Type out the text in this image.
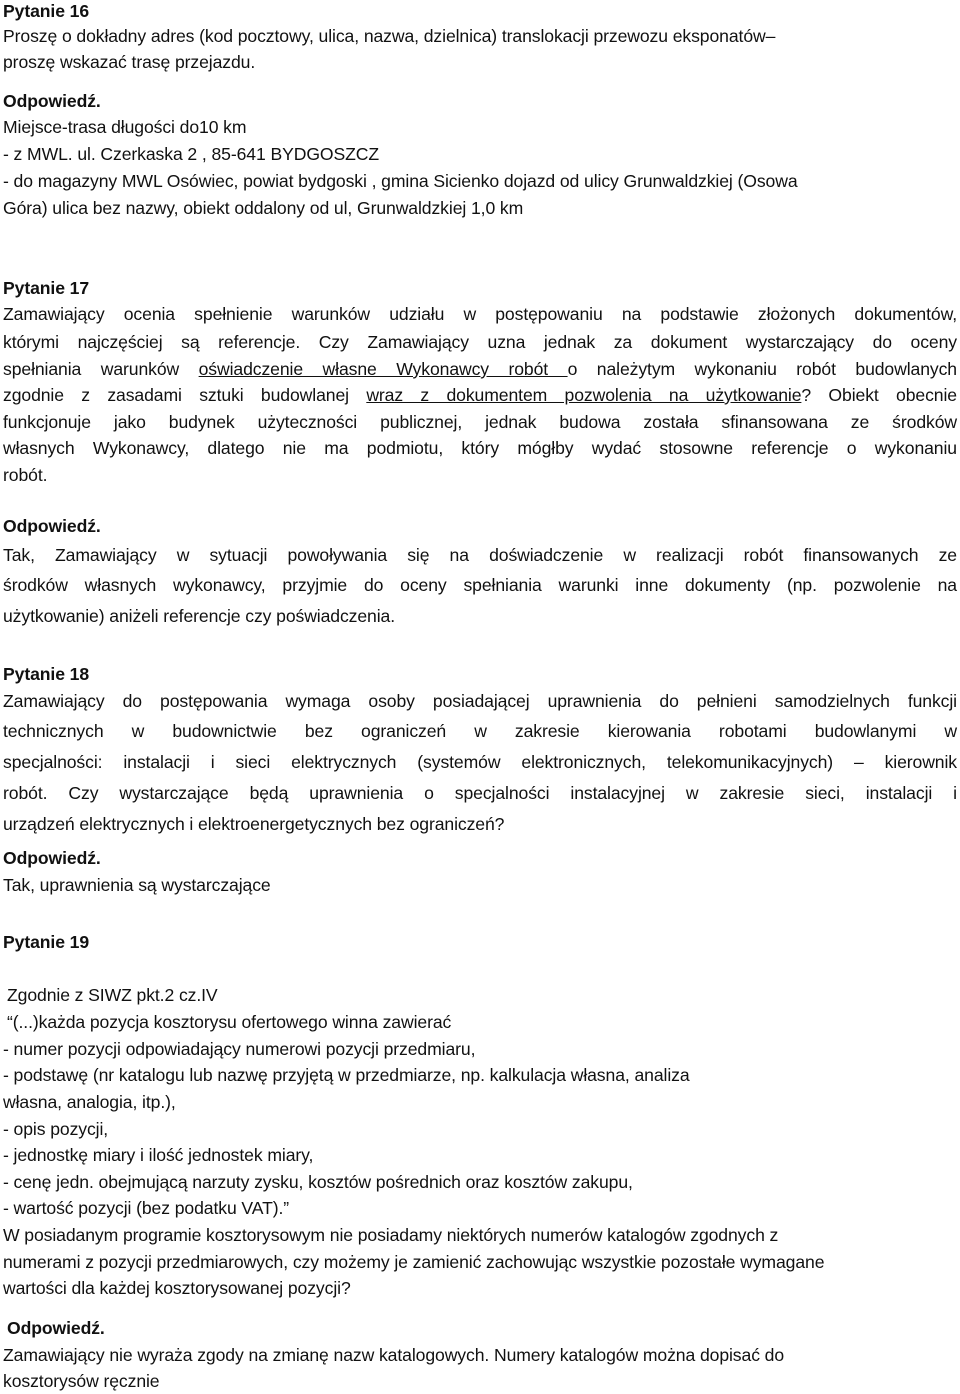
Pytanie 16
Proszę o dokładny adres (kod pocztowy, ulica, nazwa, dzielnica) translokacji przewozu eksponatów–
proszę wskazać trasę przejazdu.
Odpowiedź.
Miejsce-trasa długości do10 km
- z MWL. ul. Czerkaska 2 , 85-641 BYDGOSZCZ
- do magazyny MWL Osówiec, powiat bydgoski , gmina Sicienko dojazd od ulicy Grunwaldzkiej (Osowa
Góra) ulica bez nazwy, obiekt oddalony od ul, Grunwaldzkiej 1,0 km
Pytanie 17
Zamawiający ocenia spełnienie warunków udziału w postępowaniu na podstawie złożonych dokumentów,
którymi najczęściej są referencje. Czy Zamawiający uzna jednak za dokument wystarczający do oceny
spełniania warunków oświadczenie własne Wykonawcy robót o należytym wykonaniu robót budowlanych
zgodnie z zasadami sztuki budowlanej wraz z dokumentem pozwolenia na użytkowanie? Obiekt obecnie
funkcjonuje jako budynek użyteczności publicznej, jednak budowa została sfinansowana ze środków
własnych Wykonawcy, dlatego nie ma podmiotu, który mógłby wydać stosowne referencje o wykonaniu
robót.
Odpowiedź.
Tak, Zamawiający w sytuacji powoływania się na doświadczenie w realizacji robót finansowanych ze
środków własnych wykonawcy, przyjmie do oceny spełniania warunki inne dokumenty (np. pozwolenie na
użytkowanie) aniżeli referencje czy poświadczenia.
Pytanie 18
Zamawiający do postępowania wymaga osoby posiadającej uprawnienia do pełnieni samodzielnych funkcji
technicznych w budownictwie bez ograniczeń w zakresie kierowania robotami budowlanymi w
specjalności: instalacji i sieci elektrycznych (systemów elektronicznych, telekomunikacyjnych) – kierownik
robót. Czy wystarczające będą uprawnienia o specjalności instalacyjnej w zakresie sieci, instalacji i
urządzeń elektrycznych i elektroenergetycznych bez ograniczeń?
Odpowiedź.
Tak, uprawnienia są wystarczające
Pytanie 19
Zgodnie z SIWZ pkt.2 cz.IV
“(...)każda pozycja kosztorysu ofertowego winna zawierać
- numer pozycji odpowiadający numerowi pozycji przedmiaru,
- podstawę (nr katalogu lub nazwę przyjętą w przedmiarze, np. kalkulacja własna, analiza
własna, analogia, itp.),
- opis pozycji,
- jednostkę miary i ilość jednostek miary,
- cenę jedn. obejmującą narzuty zysku, kosztów pośrednich oraz kosztów zakupu,
- wartość pozycji (bez podatku VAT).”
W posiadanym programie kosztorysowym nie posiadamy niektórych numerów katalogów zgodnych z
numerami z pozycji przedmiarowych, czy możemy je zamienić zachowując wszystkie pozostałe wymagane
wartości dla każdej kosztorysowanej pozycji?
Odpowiedź.
Zamawiający nie wyraża zgody na zmianę nazw katalogowych. Numery katalogów można dopisać do
kosztorysów ręcznie
